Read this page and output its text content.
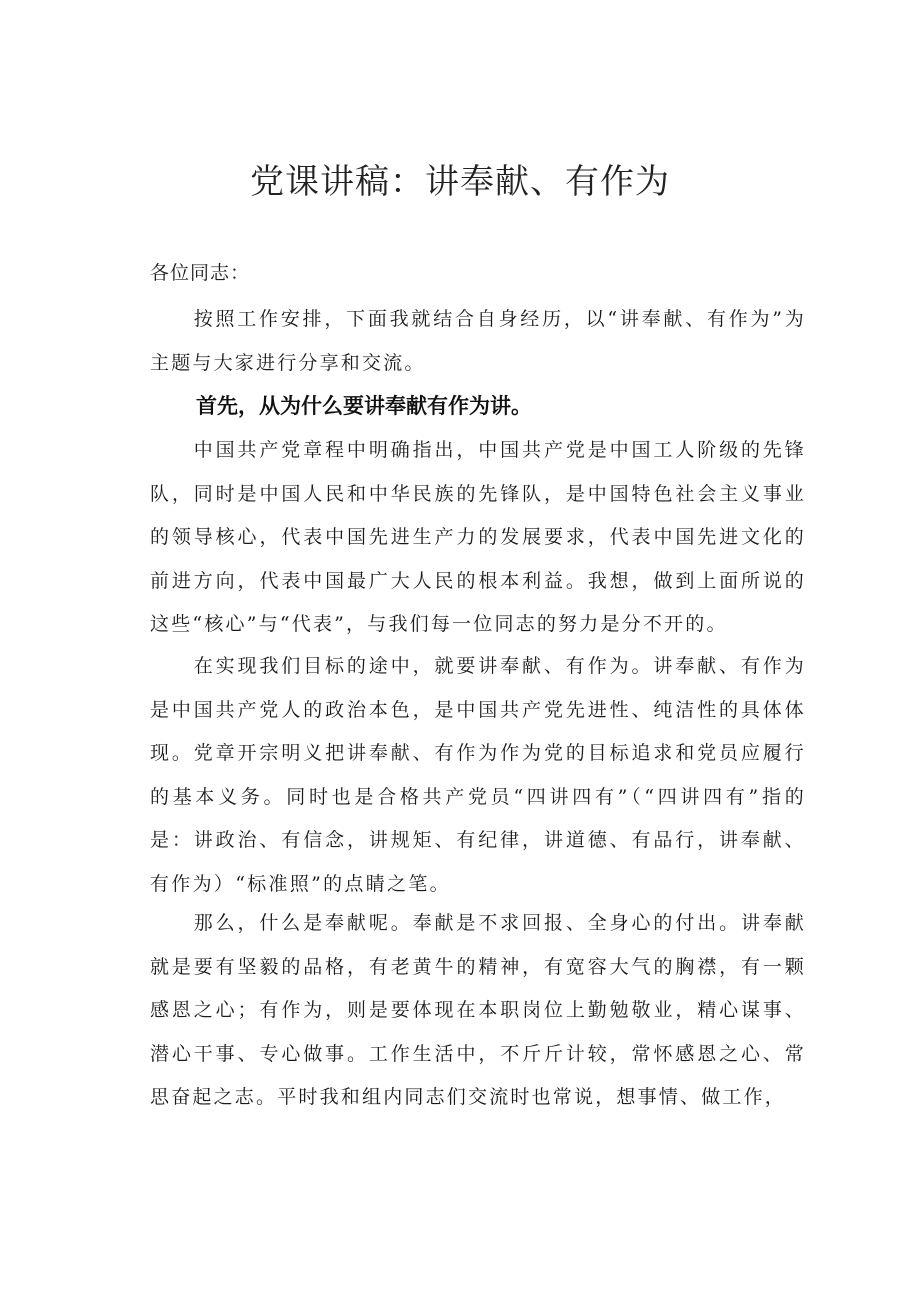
党课讲稿：讲奉献、有作为
各位同志：

按照工作安排，下面我就结合自身经历，以“讲奉献、有作为”为主题与大家进行分享和交流。

首先，从为什么要讲奉献有作为讲。

中国共产党章程中明确指出，中国共产党是中国工人阶级的先锋队，同时是中国人民和中华民族的先锋队，是中国特色社会主义事业的领导核心，代表中国先进生产力的发展要求，代表中国先进文化的前进方向，代表中国最广大人民的根本利益。我想，做到上面所说的这些“核心”与“代表”，与我们每一位同志的努力是分不开的。

在实现我们目标的途中，就要讲奉献、有作为。讲奉献、有作为是中国共产党人的政治本色，是中国共产党先进性、纯洁性的具体体现。党章开宗明义把讲奉献、有作为作为党的目标追求和党员应履行的基本义务。同时也是合格共产党员“四讲四有”（“四讲四有”指的是：讲政治、有信念，讲规矩、有纪律，讲道德、有品行，讲奉献、有作为）“标准照”的点睛之笔。

那么，什么是奉献呢。奉献是不求回报、全身心的付出。讲奉献就是要有坚毅的品格，有老黄牛的精神，有宽容大气的胸襟，有一颗感恩之心；有作为，则是要体现在本职岗位上勤勉敬业，精心谋事、潜心干事、专心做事。工作生活中，不斤斤计较，常怀感恩之心、常思奋起之志。平时我和组内同志们交流时也常说，想事情、做工作，
